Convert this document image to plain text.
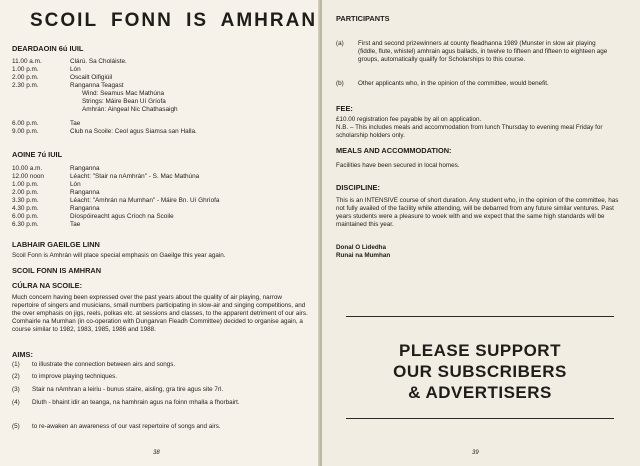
SCOIL FONN IS AMHRAN
DEARDAOIN 6ú IUIL
11.00 a.m.	Clárú. Sa Choláiste.
1.00 p.m.	Lón
2.00 p.m.	Oscailt Oifigiúil
2.30 p.m.	Ranganna Teagast
Wind: Seamus Mac Mathúna
Strings: Máire Bean Uí Gríofa
Amhrán: Aingeal Nic Chathasaigh
6.00 p.m.	Tae
9.00 p.m.	Club na Scoile: Ceol agus Siamsa san Halla.
AOINE 7ú IUIL
10.00 a.m.	Ranganna
12.00 noon	Léacht: "Stair na nAmhrán" - S. Mac Mathúna
1.00 p.m.	Lón
2.00 p.m.	Ranganna
3.30 p.m.	Léacht: "Amhrán na Mumhan" - Máire Bn. Uí Ghríofa
4.30 p.m.	Ranganna
6.00 p.m.	Díospóireacht agus Críoch na Scoile
6.30 p.m.	Tae
LABHAIR GAEILGE LINN
Scoil Fonn is Amhrán will place special emphasis on Gaeilge this year again.
SCOIL FONN IS AMHRAN
CÚLRA NA SCOILE:
Much concern having been expressed over the past years about the quality of air playing, narrow repertoire of singers and musicians, small numbers participating in slow-air and singing competitions, and the over emphasis on jigs, reels, polkas etc. at sessions and classes, to the apparent detriment of our airs. Comhairle na Mumhan (in co-operation with Dungarvan Fleadh Committee) decided to organise again, a course similar to 1982, 1983, 1985, 1986 and 1988.
AIMS:
(1) to illustrate the connection between airs and songs.
(2) to improve playing techniques.
(3) Stair na nAmhran a leiriu - bunus staire, aisling, gra tire agus site 7rl.
(4) Dluth - bhaint idir an teanga, na hamhrain agus na foinn mhalla a fhorbairt.
(5) to re-awaken an awareness of our vast repertoire of songs and airs.
38
PARTICIPANTS
(a) First and second prizewinners at county fleadhanna 1989 (Munster in slow air playing (fiddle, flute, whistel) amhrain agus ballads, in twelve to fifteen and fifteen to eighteen age groups, automatically qualify for Scholarships to this course.
(b) Other applicants who, in the opinion of the committee, would benefit.
FEE:
£10.00 registration fee payable by all on application.
N.B. – This includes meals and accommodation from lunch Thursday to evening meal Friday for scholarship holders only.
MEALS AND ACCOMMODATION:
Facilities have been secured in local homes.
DISCIPLINE:
This is an INTENSIVE course of short duration. Any student who, in the opinion of the committee, has not fully availed of the facility while attending, will be debarred from any future similar ventures. Past years students were a pleasure to woek with and we expect that the same high standards will be maintained this year.
Donal O Lidedha
Runai na Mumhan
PLEASE SUPPORT
OUR SUBSCRIBERS
& ADVERTISERS
39
